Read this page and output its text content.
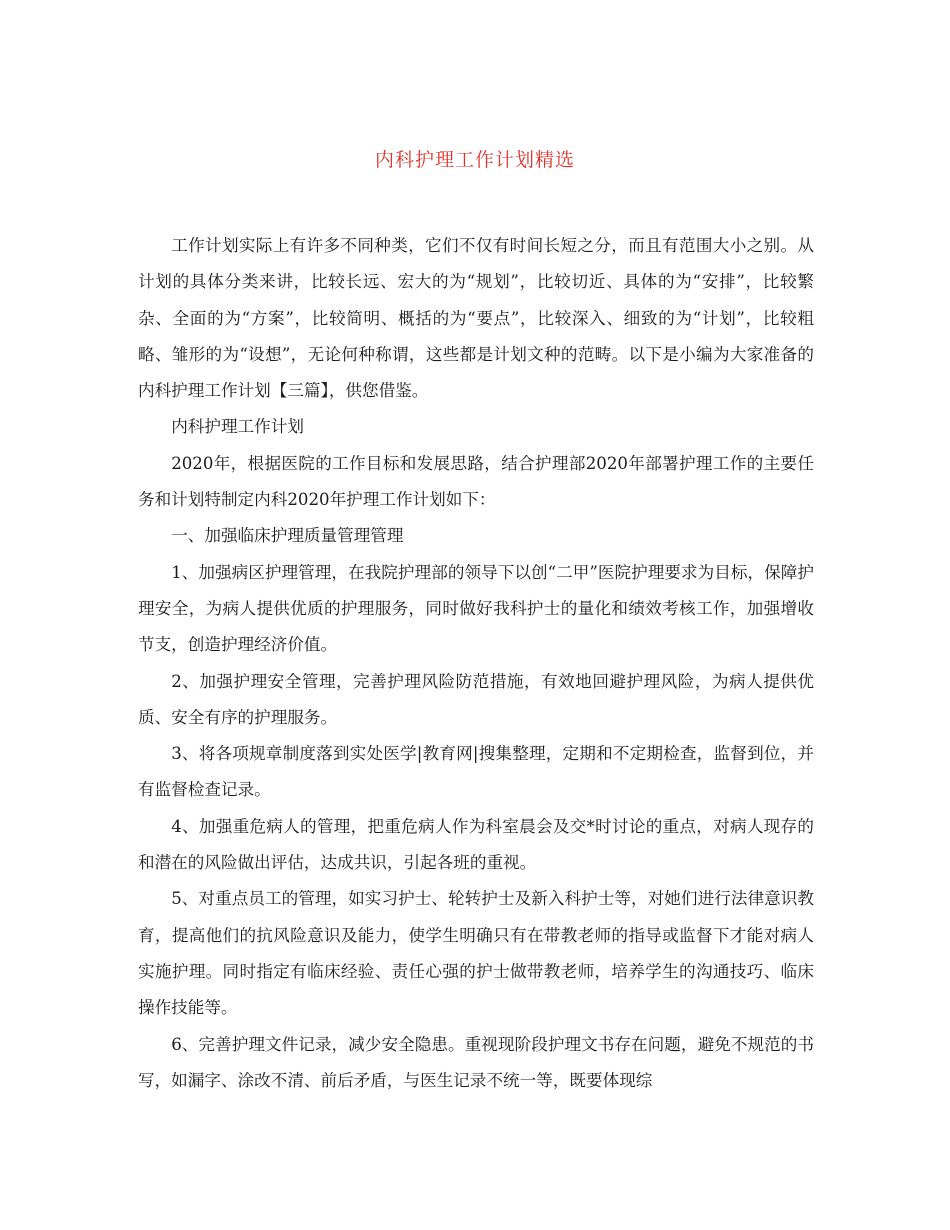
内科护理工作计划精选

工作计划实际上有许多不同种类，它们不仅有时间长短之分，而且有范围大小之别。从计划的具体分类来讲，比较长远、宏大的为“规划”，比较切近、具体的为“安排”，比较繁杂、全面的为“方案”，比较简明、概括的为“要点”，比较深入、细致的为“计划”，比较粗略、雏形的为“设想”，无论何种称谓，这些都是计划文种的范畴。以下是小编为大家准备的内科护理工作计划【三篇】，供您借鉴。

内科护理工作计划

2020年，根据医院的工作目标和发展思路，结合护理部2020年部署护理工作的主要任务和计划特制定内科2020年护理工作计划如下：

一、加强临床护理质量管理管理

1、加强病区护理管理，在我院护理部的领导下以创“二甲”医院护理要求为目标，保障护理安全，为病人提供优质的护理服务，同时做好我科护士的量化和绩效考核工作，加强增收节支，创造护理经济价值。

2、加强护理安全管理，完善护理风险防范措施，有效地回避护理风险，为病人提供优质、安全有序的护理服务。

3、将各项规章制度落到实处医学|教育网|搜集整理，定期和不定期检查，监督到位，并有监督检查记录。

4、加强重危病人的管理，把重危病人作为科室晨会及交*时讨论的重点，对病人现存的和潜在的风险做出评估，达成共识，引起各班的重视。

5、对重点员工的管理，如实习护士、轮转护士及新入科护士等，对她们进行法律意识教育，提高他们的抗风险意识及能力，使学生明确只有在带教老师的指导或监督下才能对病人实施护理。同时指定有临床经验、责任心强的护士做带教老师，培养学生的沟通技巧、临床操作技能等。

6、完善护理文件记录，减少安全隐患。重视现阶段护理文书存在问题，避免不规范的书写，如漏字、涂改不清、前后矛盾，与医生记录不统一等，既要体现综
